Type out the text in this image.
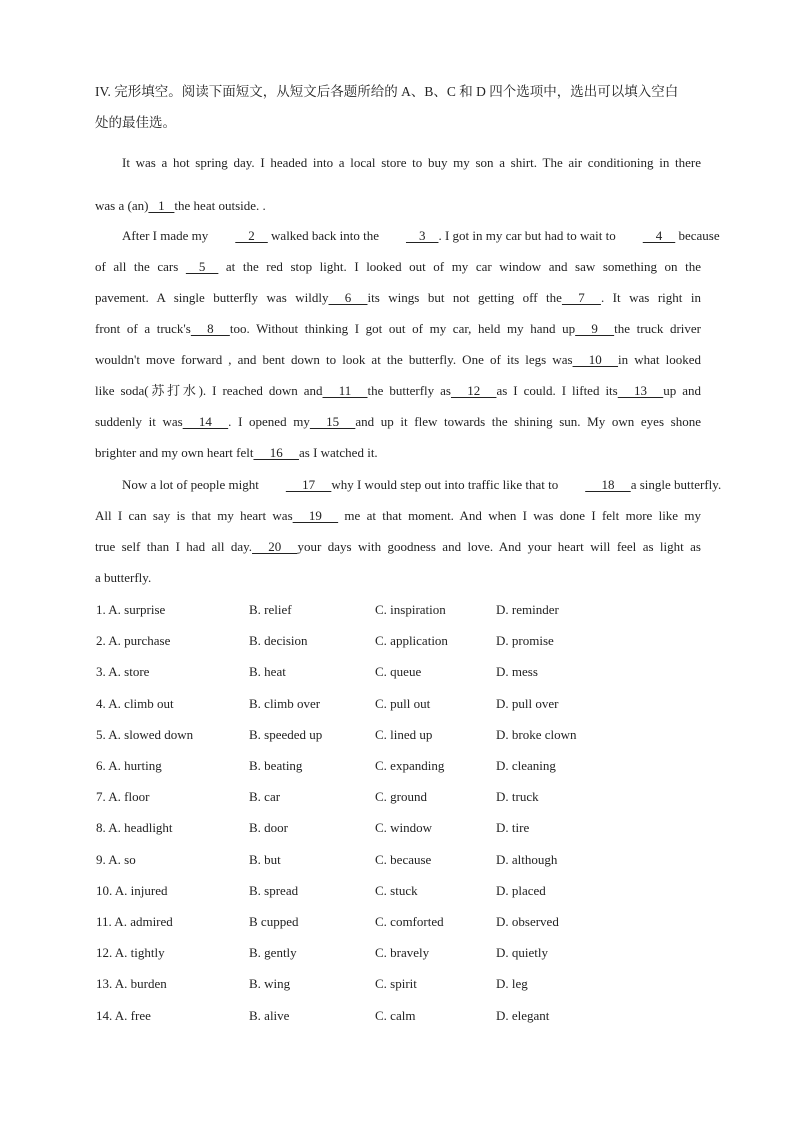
IV. 完形填空。阅读下面短文，从短文后各题所给的 A、B、C 和 D 四个选项中，选出可以填入空白
处的最佳选。
It was a hot spring day. I headed into a local store to buy my son a shirt. The air conditioning in there
was a (an)   1   the heat outside. .
After I made my    2     walked back into the    3    . I got in my car but had to wait to    4     because
of all the cars     5     at the red stop light. I looked out of my car window and saw something on the
pavement. A single butterfly was wildly     6     its wings but not getting off the     7     . It was right in
front of a truck's     8     too. Without thinking I got out of my car, held my hand up     9     the truck driver
wouldn't move forward , and bent down to look at the butterfly. One of its legs was     10     in what looked
like soda(苏打水). I reached down and     11     the butterfly as     12     as I could. I lifted its     13     up and
suddenly it was     14     . I opened my     15     and up it flew towards the shining sun. My own eyes shone
brighter and my own heart felt     16     as I watched it.
Now a lot of people might     17     why I would step out into traffic like that to     18     a single butterfly.
All I can say is that my heart was     19      me at that moment. And when I was done I felt more like my
true self than I had all day.     20     your days with goodness and love. And your heart will feel as light as
a butterfly.
1. A. surprise	B. relief	C. inspiration	D. reminder
2. A. purchase	B. decision	C. application	D. promise
3. A. store	B. heat	C. queue	D. mess
4. A. climb out	B. climb over	C. pull out	D. pull over
5. A. slowed down	B. speeded up	C. lined up	D. broke clown
6. A. hurting	B. beating	C. expanding	D. cleaning
7. A. floor	B. car	C. ground	D. truck
8. A. headlight	B. door	C. window	D. tire
9. A. so	B. but	C. because	D. although
10. A. injured	B. spread	C. stuck	D. placed
11. A. admired	B cupped	C. comforted	D. observed
12. A. tightly	B. gently	C. bravely	D. quietly
13. A. burden	B. wing	C. spirit	D. leg
14. A. free	B. alive	C. calm	D. elegant
